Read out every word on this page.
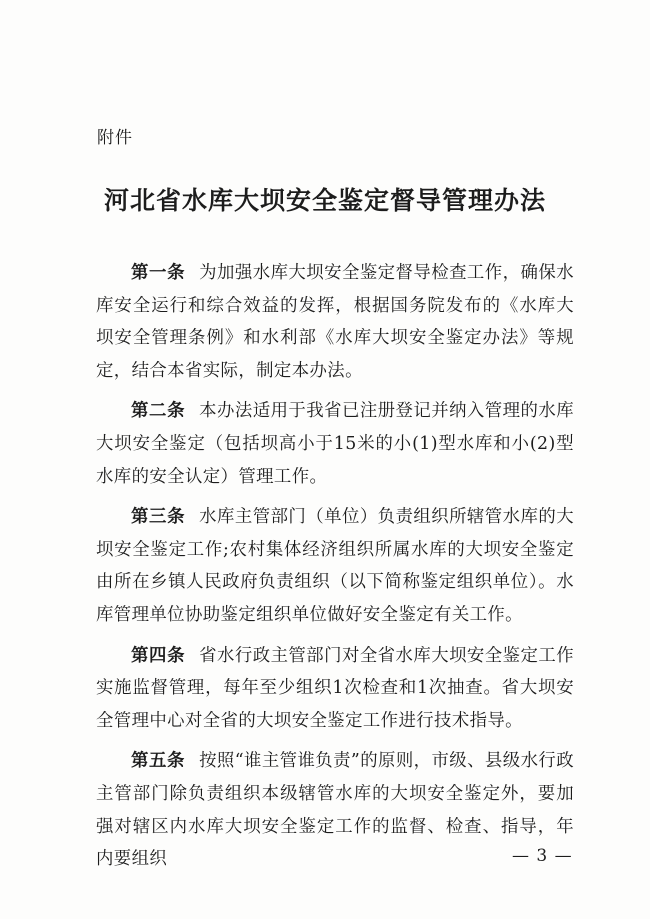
附件
河北省水库大坝安全鉴定督导管理办法

第一条 为加强水库大坝安全鉴定督导检查工作，确保水库安全运行和综合效益的发挥，根据国务院发布的《水库大坝安全管理条例》和水利部《水库大坝安全鉴定办法》等规定，结合本省实际，制定本办法。

第二条 本办法适用于我省已注册登记并纳入管理的水库大坝安全鉴定（包括坝高小于15米的小(1)型水库和小(2)型水库的安全认定）管理工作。

第三条 水库主管部门（单位）负责组织所辖管水库的大坝安全鉴定工作;农村集体经济组织所属水库的大坝安全鉴定由所在乡镇人民政府负责组织（以下简称鉴定组织单位）。水库管理单位协助鉴定组织单位做好安全鉴定有关工作。

第四条 省水行政主管部门对全省水库大坝安全鉴定工作实施监督管理，每年至少组织1次检查和1次抽查。省大坝安全管理中心对全省的大坝安全鉴定工作进行技术指导。

第五条 按照“谁主管谁负责”的原则，市级、县级水行政主管部门除负责组织本级辖管水库的大坝安全鉴定外，要加强对辖区内水库大坝安全鉴定工作的监督、检查、指导，年内要组织	— 3 —
